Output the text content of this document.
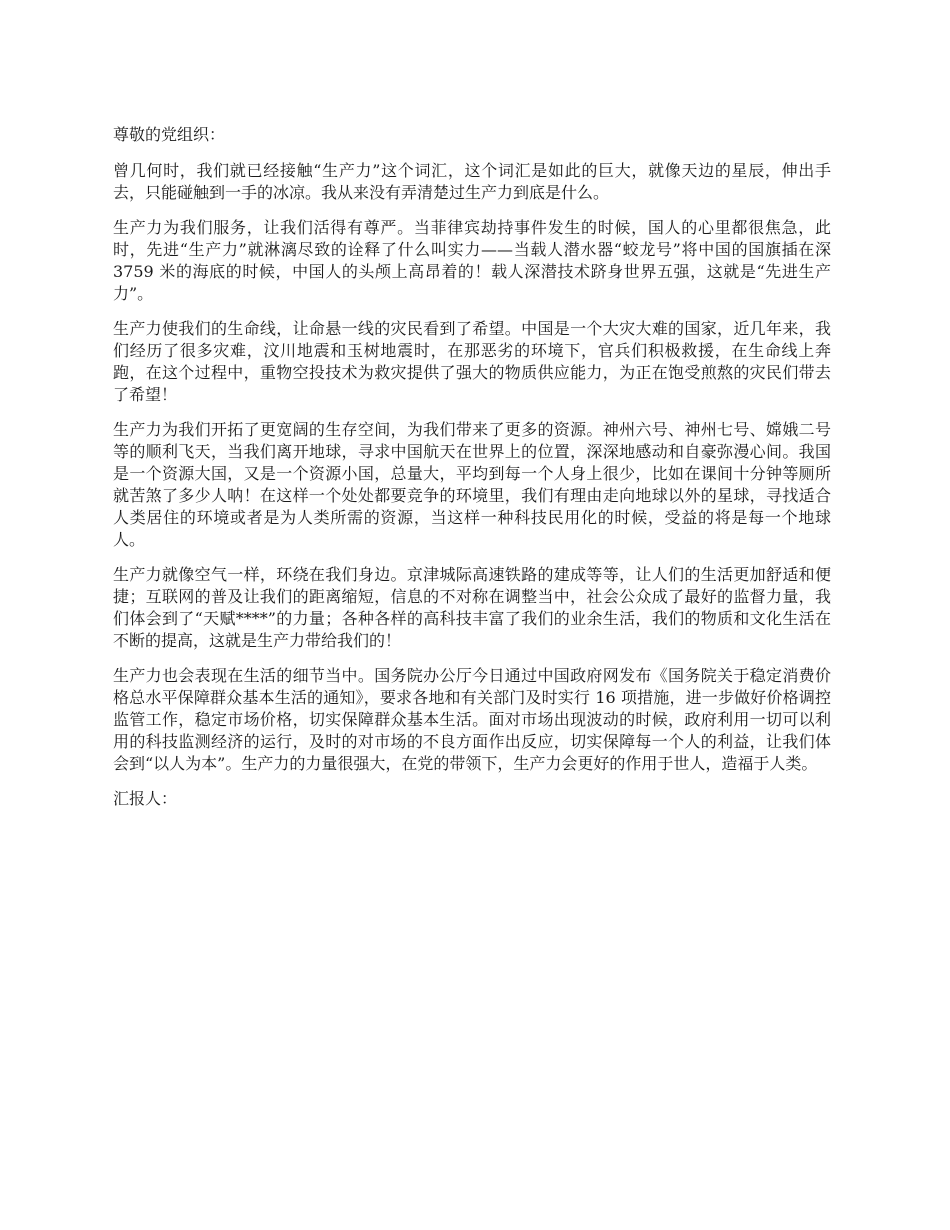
尊敬的党组织：

曾几何时，我们就已经接触“生产力”这个词汇，这个词汇是如此的巨大，就像天边的星辰，伸出手去，只能碰触到一手的冰凉。我从来没有弄清楚过生产力到底是什么。

生产力为我们服务，让我们活得有尊严。当菲律宾劫持事件发生的时候，国人的心里都很焦急，此时，先进“生产力”就淋漓尽致的诠释了什么叫实力——当载人潜水器“蛟龙号”将中国的国旗插在深 3759 米的海底的时候，中国人的头颅上高昂着的！载人深潜技术跻身世界五强，这就是“先进生产力”。

生产力使我们的生命线，让命悬一线的灾民看到了希望。中国是一个大灾大难的国家，近几年来，我们经历了很多灾难，汶川地震和玉树地震时，在那恶劣的环境下，官兵们积极救援，在生命线上奔跑，在这个过程中，重物空投技术为救灾提供了强大的物质供应能力，为正在饱受煎熬的灾民们带去了希望！

生产力为我们开拓了更宽阔的生存空间，为我们带来了更多的资源。神州六号、神州七号、嫦娥二号等的顺利飞天，当我们离开地球，寻求中国航天在世界上的位置，深深地感动和自豪弥漫心间。我国是一个资源大国，又是一个资源小国，总量大，平均到每一个人身上很少，比如在课间十分钟等厕所就苦煞了多少人呐！在这样一个处处都要竞争的环境里，我们有理由走向地球以外的星球，寻找适合人类居住的环境或者是为人类所需的资源，当这样一种科技民用化的时候，受益的将是每一个地球人。

生产力就像空气一样，环绕在我们身边。京津城际高速铁路的建成等等，让人们的生活更加舒适和便捷；互联网的普及让我们的距离缩短，信息的不对称在调整当中，社会公众成了最好的监督力量，我们体会到了“天赋****”的力量；各种各样的高科技丰富了我们的业余生活，我们的物质和文化生活在不断的提高，这就是生产力带给我们的！

生产力也会表现在生活的细节当中。国务院办公厅今日通过中国政府网发布《国务院关于稳定消费价格总水平保障群众基本生活的通知》，要求各地和有关部门及时实行 16 项措施，进一步做好价格调控监管工作，稳定市场价格，切实保障群众基本生活。面对市场出现波动的时候，政府利用一切可以利用的科技监测经济的运行，及时的对市场的不良方面作出反应，切实保障每一个人的利益，让我们体会到“以人为本”。生产力的力量很强大，在党的带领下，生产力会更好的作用于世人，造福于人类。

汇报人：
